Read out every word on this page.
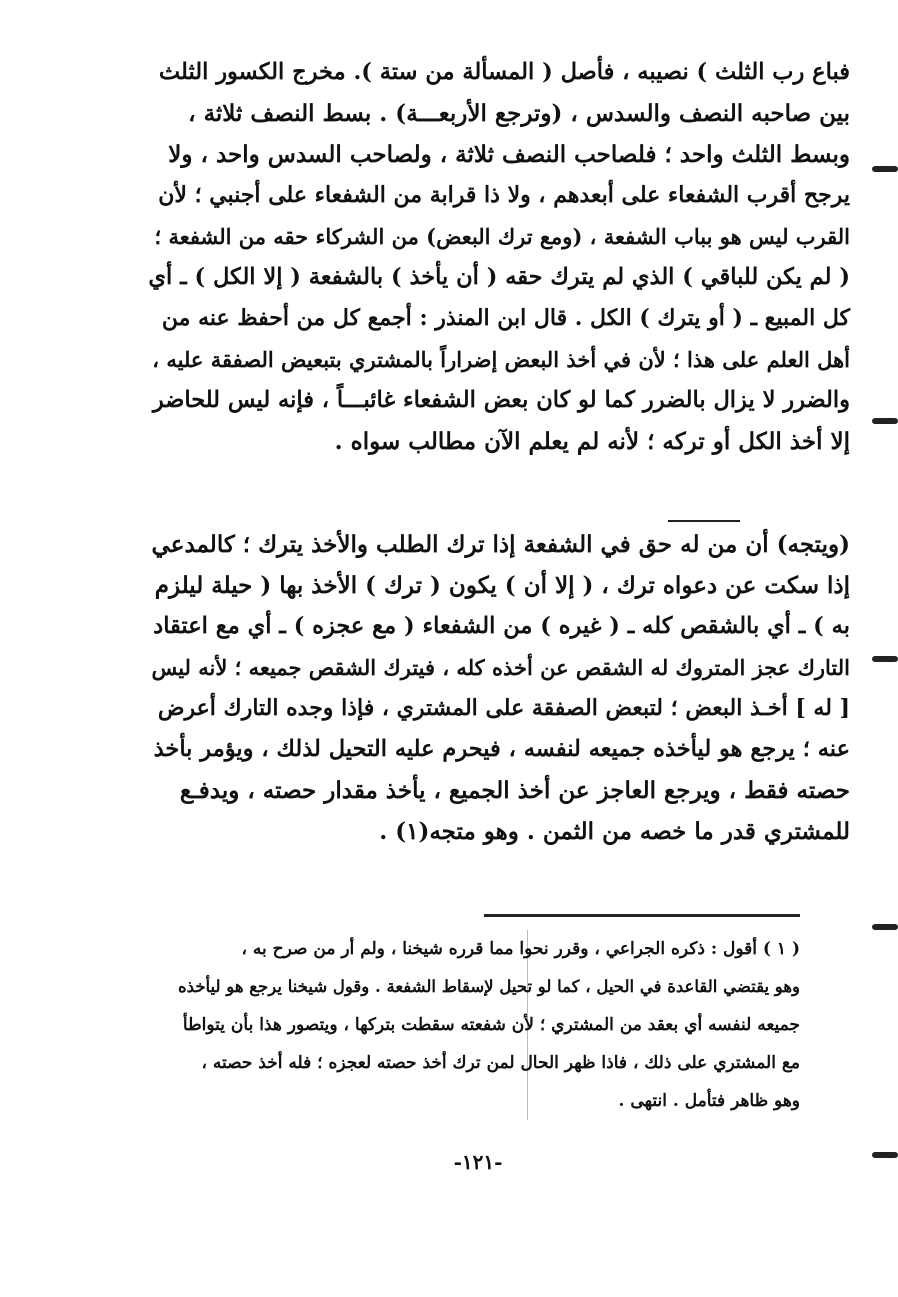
فباع رب الثلث ) نصيبه ، فأصل ( المسألة من ستة ). مخرج الكسور الثلث
بين صاحبه النصف والسدس ، (وترجع الأربعـــة) . بسط النصف ثلاثة ،
وبسط الثلث واحد ؛ فلصاحب النصف ثلاثة ، ولصاحب السدس واحد ، ولا
يرجح أقرب الشفعاء على أبعدهم ، ولا ذا قرابة من الشفعاء على أجنبي ؛ لأن
القرب ليس هو بباب الشفعة ، (ومع ترك البعض) من الشركاء حقه من الشفعة ؛
( لم يكن للباقي ) الذي لم يترك حقه ( أن يأخذ ) بالشفعة ( إلا الكل ) ـ أي
كل المبيع ـ ( أو يترك ) الكل . قال ابن المنذر : أجمع كل من أحفظ عنه من
أهل العلم على هذا ؛ لأن في أخذ البعض إضراراً بالمشتري بتبعيض الصفقة عليه ،
والضرر لا يزال بالضرر كما لو كان بعض الشفعاء غائبـــاً ، فإنه ليس للحاضر
إلا أخذ الكل أو تركه ؛ لأنه لم يعلم الآن مطالب سواه .
(ويتجه) أن من له حق في الشفعة إذا ترك الطلب والأخذ يترك ؛ كالمدعي
إذا سكت عن دعواه ترك ، ( إلا أن ) يكون ( ترك ) الأخذ بها ( حيلة ليلزم
به ) ـ أي بالشقص كله ـ ( غيره ) من الشفعاء ( مع عجزه ) ـ أي مع اعتقاد
التارك عجز المتروك له الشقص عن أخذه كله ، فيترك الشقص جميعه ؛ لأنه ليس
[ له ] أخـذ البعض ؛ لتبعض الصفقة على المشتري ، فإذا وجده التارك أعرض
عنه ؛ يرجع هو ليأخذه جميعه لنفسه ، فيحرم عليه التحيل لذلك ، ويؤمر بأخذ
حصته فقط ، ويرجع العاجز عن أخذ الجميع ، يأخذ مقدار حصته ، ويدفـع
للمشتري قدر ما خصه من الثمن . وهو متجه(١) .
( ١ ) أقول : ذكره الجراعي ، وقرر نحوا مما قرره شيخنا ، ولم أر من صرح به ،
وهو يقتضي القاعدة في الحيل ، كما لو تحيل لإسقاط الشفعة . وقول شيخنا يرجع هو ليأخذه
جميعه لنفسه أي بعقد من المشتري ؛ لأن شفعته سقطت بتركها ، ويتصور هذا بأن يتواطأ
مع المشتري على ذلك ، فاذا ظهر الحال لمن ترك أخذ حصته لعجزه ؛ فله أخذ حصته ،
وهو ظاهر فتأمل . انتهى .
-١٢١-
